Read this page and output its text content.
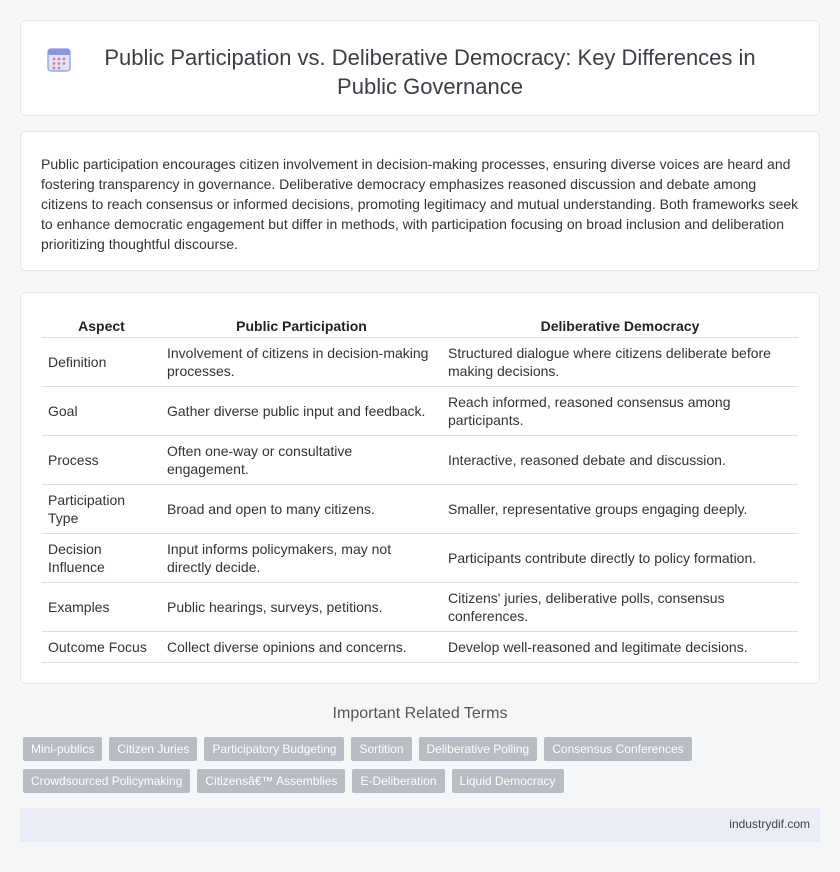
Public Participation vs. Deliberative Democracy: Key Differences in Public Governance

Public participation encourages citizen involvement in decision-making processes, ensuring diverse voices are heard and fostering transparency in governance. Deliberative democracy emphasizes reasoned discussion and debate among citizens to reach consensus or informed decisions, promoting legitimacy and mutual understanding. Both frameworks seek to enhance democratic engagement but differ in methods, with participation focusing on broad inclusion and deliberation prioritizing thoughtful discourse.

Aspect	Public Participation	Deliberative Democracy
Definition	Involvement of citizens in decision-making processes.	Structured dialogue where citizens deliberate before making decisions.
Goal	Gather diverse public input and feedback.	Reach informed, reasoned consensus among participants.
Process	Often one-way or consultative engagement.	Interactive, reasoned debate and discussion.
Participation Type	Broad and open to many citizens.	Smaller, representative groups engaging deeply.
Decision Influence	Input informs policymakers, may not directly decide.	Participants contribute directly to policy formation.
Examples	Public hearings, surveys, petitions.	Citizens' juries, deliberative polls, consensus conferences.
Outcome Focus	Collect diverse opinions and concerns.	Develop well-reasoned and legitimate decisions.
Important Related Terms
Mini-publics	Citizen Juries	Participatory Budgeting	Sortition	Deliberative Polling	Consensus Conferences
Crowdsourced Policymaking	Citizensâ€™ Assemblies	E-Deliberation	Liquid Democracy
industrydif.com
